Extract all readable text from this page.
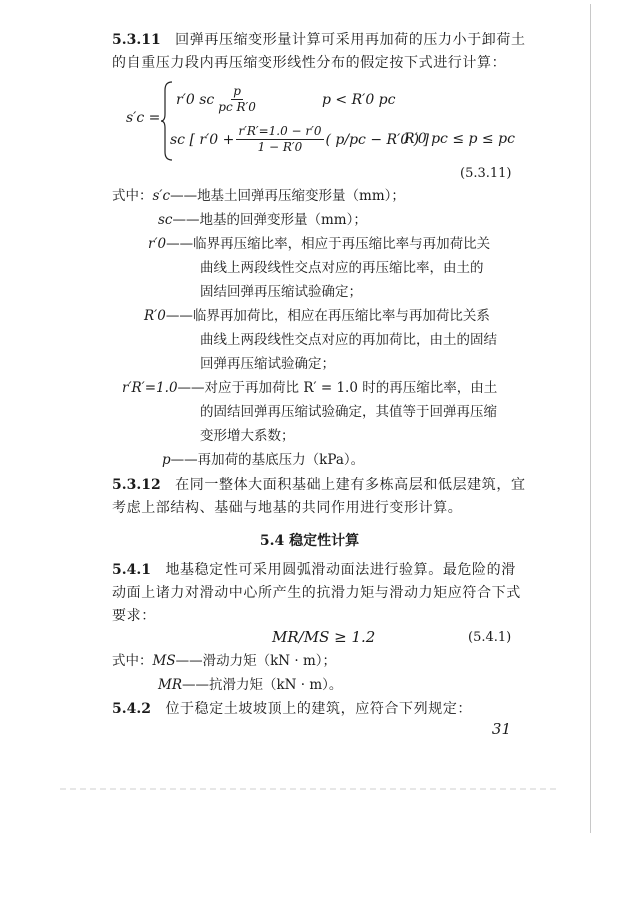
5.3.11 回弹再压缩变形量计算可采用再加荷的压力小于卸荷土
的自重压力段内再压缩变形线性分布的假定按下式进行计算：
s′c =
r′0 sc $\frac{p}{\text{pc R′0}}$	p < R′0 pc
sc [ $r'0 + \frac{r'R'=1.0 - r'0}{1 - R'0}$ ( p/pc − R′0 ) ]
R′0 pc ≤ p ≤ pc
(5.3.11)
式中：s′c——地基土回弹再压缩变形量（mm）；
sc——地基的回弹变形量（mm）；
r′0——临界再压缩比率，相应于再压缩比率与再加荷比关
曲线上两段线性交点对应的再压缩比率，由土的
固结回弹再压缩试验确定；
R′0——临界再加荷比，相应在再压缩比率与再加荷比关系
曲线上两段线性交点对应的再加荷比，由土的固结
回弹再压缩试验确定；
r′R′=1.0——对应于再加荷比 R′ = 1.0 时的再压缩比率，由土
的固结回弹再压缩试验确定，其值等于回弹再压缩
变形增大系数；
p——再加荷的基底压力（kPa）。
5.3.12 在同一整体大面积基础上建有多栋高层和低层建筑，宜
考虑上部结构、基础与地基的共同作用进行变形计算。
5.4 稳定性计算
5.4.1 地基稳定性可采用圆弧滑动面法进行验算。最危险的滑
动面上诸力对滑动中心所产生的抗滑力矩与滑动力矩应符合下式
要求：
MR/MS ≥ 1.2	(5.4.1)
式中：MS——滑动力矩（kN · m）；
MR——抗滑力矩（kN · m）。
5.4.2 位于稳定土坡坡顶上的建筑，应符合下列规定：
31
